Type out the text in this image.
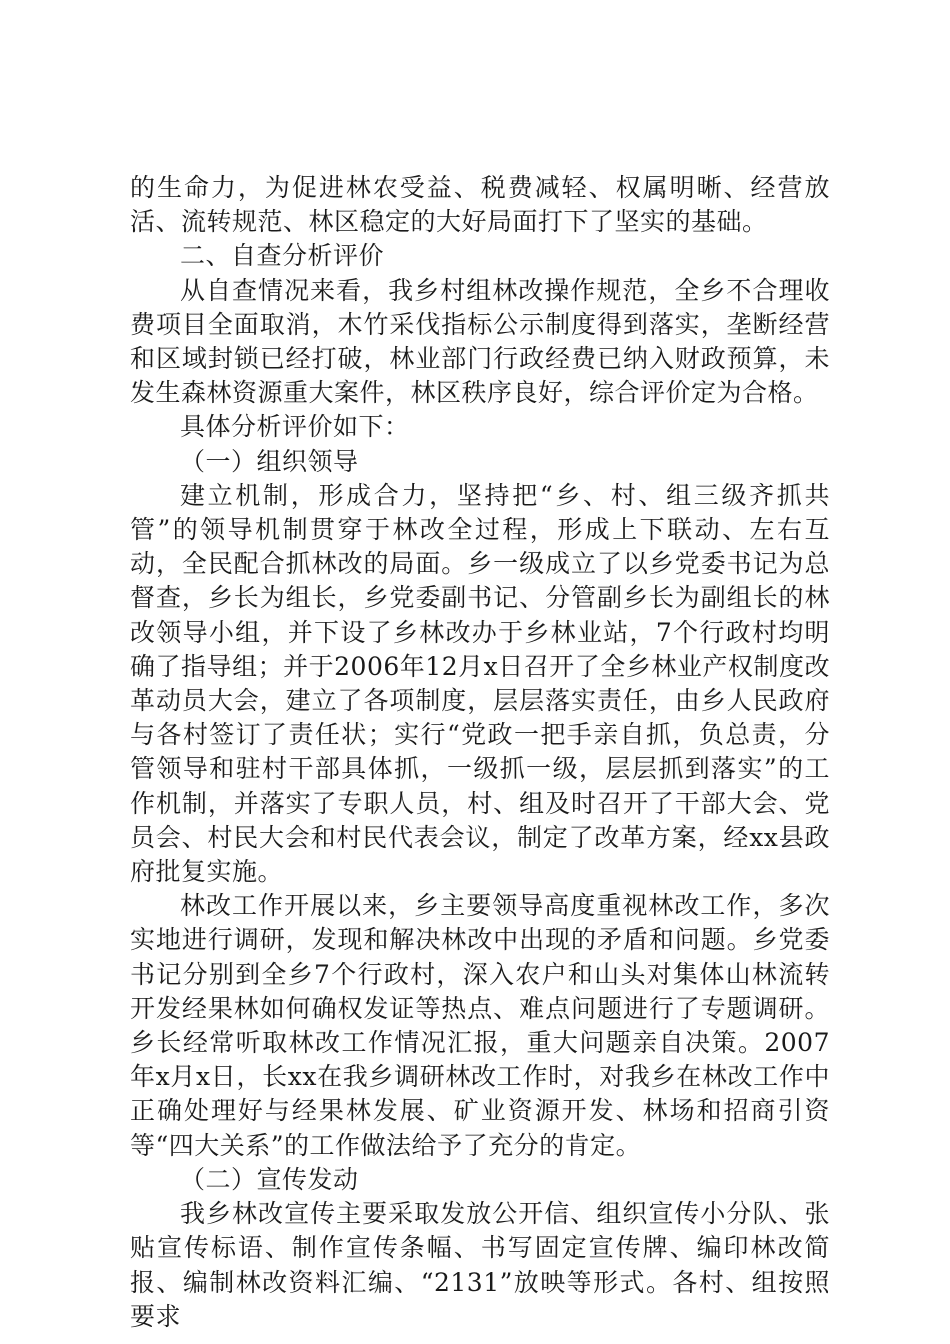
的生命力，为促进林农受益、税费减轻、权属明晰、经营放活、流转规范、林区稳定的大好局面打下了坚实的基础。

二、自查分析评价

从自查情况来看，我乡村组林改操作规范，全乡不合理收费项目全面取消，木竹采伐指标公示制度得到落实，垄断经营和区域封锁已经打破，林业部门行政经费已纳入财政预算，未发生森林资源重大案件，林区秩序良好，综合评价定为合格。

具体分析评价如下：

（一）组织领导

建立机制，形成合力，坚持把“乡、村、组三级齐抓共管”的领导机制贯穿于林改全过程，形成上下联动、左右互动，全民配合抓林改的局面。乡一级成立了以乡党委书记为总督查，乡长为组长，乡党委副书记、分管副乡长为副组长的林改领导小组，并下设了乡林改办于乡林业站，7个行政村均明确了指导组；并于2006年12月x日召开了全乡林业产权制度改革动员大会，建立了各项制度，层层落实责任，由乡人民政府与各村签订了责任状；实行“党政一把手亲自抓，负总责，分管领导和驻村干部具体抓，一级抓一级，层层抓到落实”的工作机制，并落实了专职人员，村、组及时召开了干部大会、党员会、村民大会和村民代表会议，制定了改革方案，经xx县政府批复实施。

林改工作开展以来，乡主要领导高度重视林改工作，多次实地进行调研，发现和解决林改中出现的矛盾和问题。乡党委书记分别到全乡7个行政村，深入农户和山头对集体山林流转开发经果林如何确权发证等热点、难点问题进行了专题调研。乡长经常听取林改工作情况汇报，重大问题亲自决策。2007年x月x日，长xx在我乡调研林改工作时，对我乡在林改工作中正确处理好与经果林发展、矿业资源开发、林场和招商引资等“四大关系”的工作做法给予了充分的肯定。

（二）宣传发动

我乡林改宣传主要采取发放公开信、组织宣传小分队、张贴宣传标语、制作宣传条幅、书写固定宣传牌、编印林改简报、编制林改资料汇编、“2131”放映等形式。各村、组按照要求
